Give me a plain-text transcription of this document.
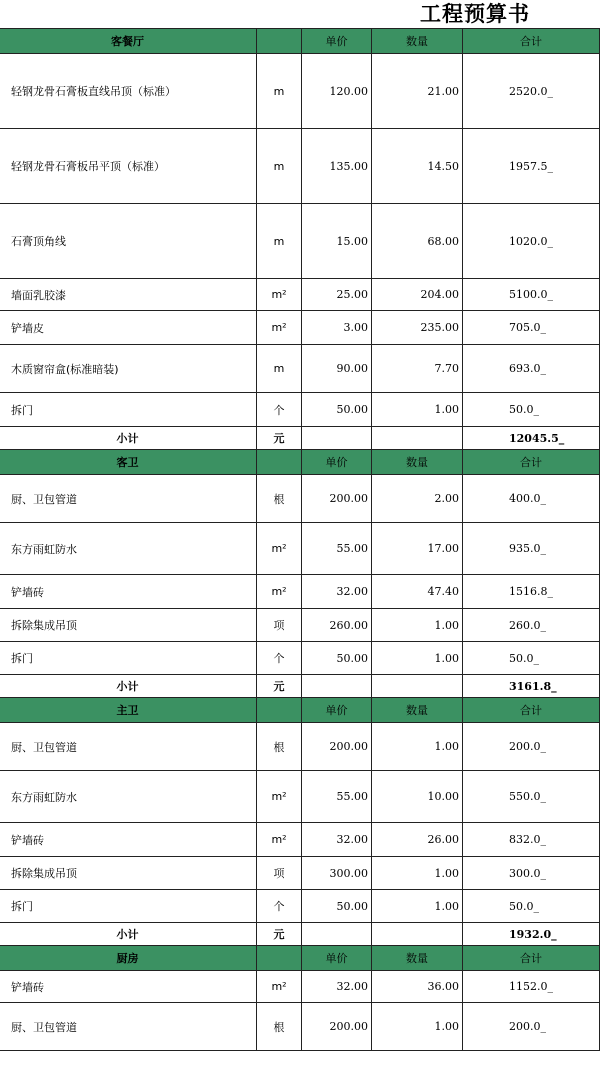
工程预算书
客餐厅		单价	数量	合计
轻钢龙骨石膏板直线吊顶（标准）	m	120.00	21.00	2520.0_
轻钢龙骨石膏板吊平顶（标准）	m	135.00	14.50	1957.5_
石膏顶角线	m	15.00	68.00	1020.0_
墙面乳胶漆	m²	25.00	204.00	5100.0_
铲墙皮	m²	3.00	235.00	705.0_
木质窗帘盒(标准暗装)	m	90.00	7.70	693.0_
拆门	个	50.00	1.00	50.0_
小计	元			12045.5_
客卫		单价	数量	合计
厨、卫包管道	根	200.00	2.00	400.0_
东方雨虹防水	m²	55.00	17.00	935.0_
铲墙砖	m²	32.00	47.40	1516.8_
拆除集成吊顶	项	260.00	1.00	260.0_
拆门	个	50.00	1.00	50.0_
小计	元			3161.8_
主卫		单价	数量	合计
厨、卫包管道	根	200.00	1.00	200.0_
东方雨虹防水	m²	55.00	10.00	550.0_
铲墙砖	m²	32.00	26.00	832.0_
拆除集成吊顶	项	300.00	1.00	300.0_
拆门	个	50.00	1.00	50.0_
小计	元			1932.0_
厨房		单价	数量	合计
铲墙砖	m²	32.00	36.00	1152.0_
厨、卫包管道	根	200.00	1.00	200.0_
